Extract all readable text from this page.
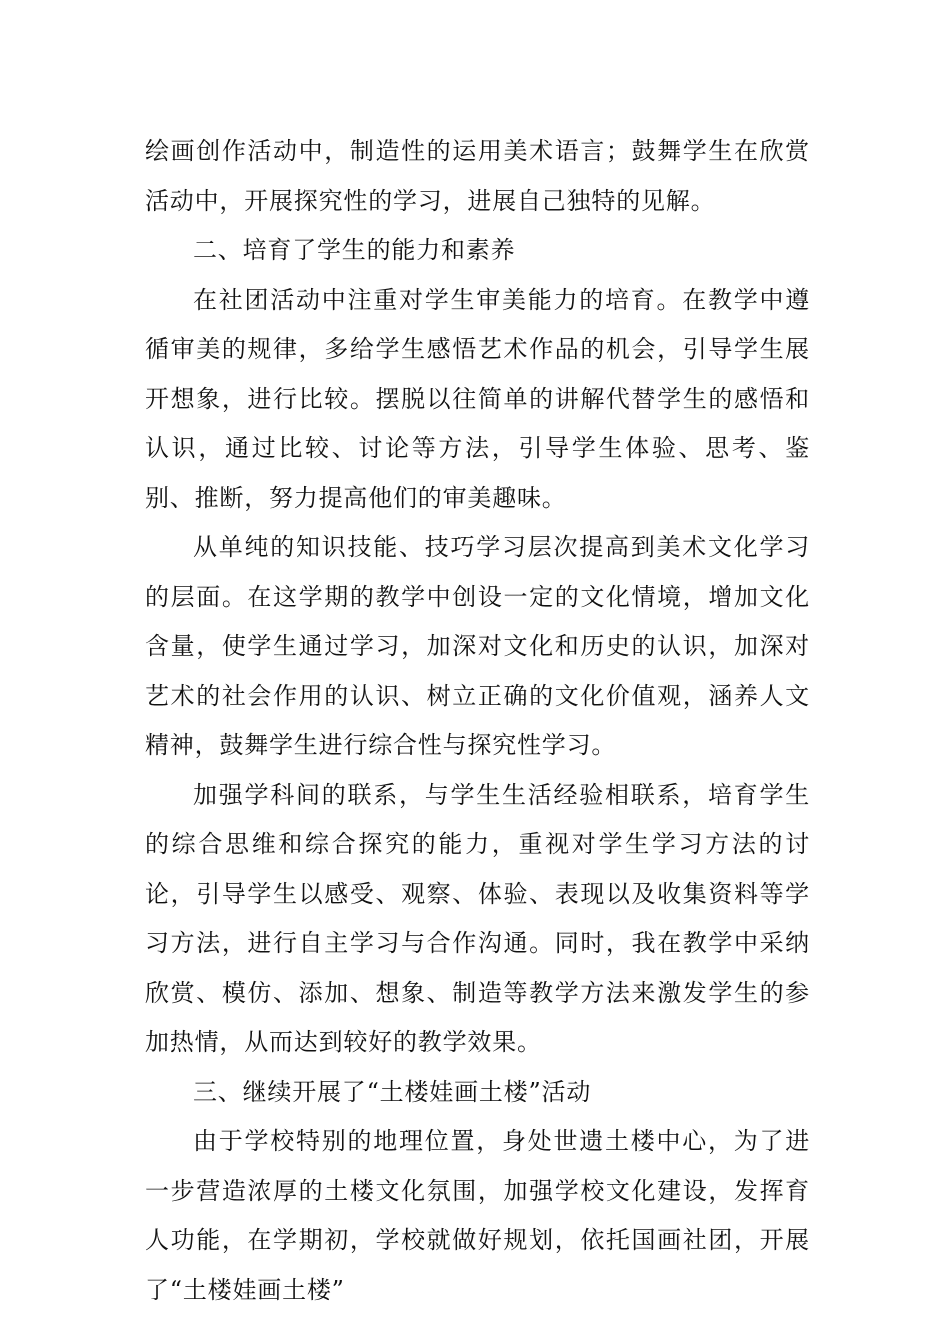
绘画创作活动中，制造性的运用美术语言；鼓舞学生在欣赏活动中，开展探究性的学习，进展自己独特的见解。

二、培育了学生的能力和素养

在社团活动中注重对学生审美能力的培育。在教学中遵循审美的规律，多给学生感悟艺术作品的机会，引导学生展开想象，进行比较。摆脱以往简单的讲解代替学生的感悟和认识，通过比较、讨论等方法，引导学生体验、思考、鉴别、推断，努力提高他们的审美趣味。

从单纯的知识技能、技巧学习层次提高到美术文化学习的层面。在这学期的教学中创设一定的文化情境，增加文化含量，使学生通过学习，加深对文化和历史的认识，加深对艺术的社会作用的认识、树立正确的文化价值观，涵养人文精神，鼓舞学生进行综合性与探究性学习。

加强学科间的联系，与学生生活经验相联系，培育学生的综合思维和综合探究的能力，重视对学生学习方法的讨论，引导学生以感受、观察、体验、表现以及收集资料等学习方法，进行自主学习与合作沟通。同时，我在教学中采纳欣赏、模仿、添加、想象、制造等教学方法来激发学生的参加热情，从而达到较好的教学效果。

三、继续开展了“土楼娃画土楼”活动

由于学校特别的地理位置，身处世遗土楼中心，为了进一步营造浓厚的土楼文化氛围，加强学校文化建设，发挥育人功能，在学期初，学校就做好规划，依托国画社团，开展了“土楼娃画土楼”
